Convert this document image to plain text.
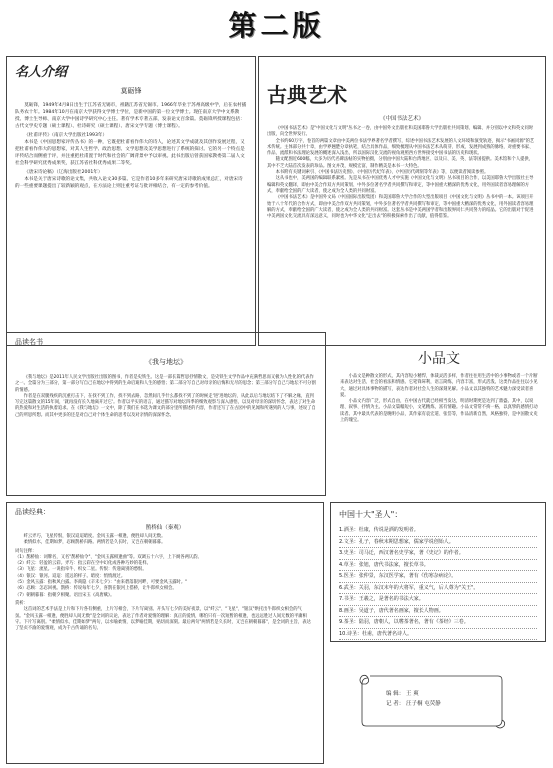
第二版
名人介绍
莫砺锋

莫砺锋，1949年4月8日出生于江苏省无锡市，祖籍江苏省无锡市。1966年毕业于苏州高级中学，后在农村插队务农十年。1984年10月在南京大学获得文学博士学位，是新中国的第一位文学博士。现任南京大学中文系教授、博士生导师、南京大学中国诗学研究中心主任。著有学术专著五部，发表论文百余篇。莫砺锋所授课程包括：古代文学史专题（硕士课程）、杜诗研究（硕士课程）、唐宋文学专题（博士课程）。

《杜甫评传》（南京大学出版社1993年）

本书是《中国思想家评传丛书》的一种，它既把杜甫看作伟大的诗人，论述其文学成就及其创作发展过程，又把杜甫看作伟大的思想家，对其人生哲学、政治思想、文学思想及美学思想进行了系统的探讨。它的另一个特点是评传结合而侧重于评，并注重把杜甫置于时代和社会的广阔背景中予以审视。此书出版后曾获国家教委第二届人文社会科学研究优秀成果奖，获江苏省社科优秀成果二等奖。

《唐宋诗论稿》（辽海出版社2001年）

本书是关于唐宋诗歌的论文集，共收入论文30多篇。它是作者10多年来研究唐宋诗歌的成果总汇，对唐宋诗的一些重要课题提出了较新颖的观点，在方法论上则注重考证与批评相结合，有一定的参考价值。

古典艺术
《中国书法艺术》

《中国书法艺术》是"中国文化与文明"丛书之一卷，由中国外文出版社和美国耶鲁大学出版社共同策划、编辑、并分别以中文和英文同时出版，向全世界发行。

全书约60万字，卷首的两篇文章由中美两位书法学界著名学者撰写，综述中国书法艺术发展的人文环境和演变轨迹，揭示"书画同源"的艺术传统。主体部分共十章，由学界翘楚分章执笔，结合具体作品，细致梳理从中国书法艺术从萌芽、形成、发展到成熟的脉络，对重要书家、作品、流派和书法理论发展的概述深入浅出，所以国际汉化交流的视角观照西方世界接受中国书法的历史和现状。

随文配图近600幅，大多为历代名碑法帖的实物拍摄，分别由中国大陆和台湾地区、以及日、美、英、法等国提供。美术馆和个人提供，其中不乏大陆首次发表的珍品。图文并茂，规模宏富，制作精美是本书一大特色。

本书附有关键词索引、《中国书法历史图》、《中国历代纪年表》、《中国历代碑刻等年表》等，以便读者阅读参照。

这从书也中，美两国的编辑联系紧密。先是从书在中国优秀人才中实施《中国文化与文明》丛书项目的合作，以美国耶鲁大学出版社主导编辑和英文翻译，即由中美合作双方共同策划、中外多位著名学者共同撰写和审定，等中国重大精深的优秀文化，用外国读者容易理解的方式，奉献给全国的广大读者，使之成为全人类的共同财富。

《中国书法艺术》是中国外文局（中国国际出版集团）和美国耶鲁大学合作的大型出版项目《中国文化与文明》丛书中的一本。该项目开始于八十年代的合作方式，即由中美合作双方共同策划，中外多位著名学者共同撰写和审定，等中国重大精深的优秀文化，用外国读者容易理解的方式，奉献给全国的广大读者，使之成为全人类的共同财富。这套丛书是中美两国学者和出版界同仁共同努力的结晶。它的出版对于促进中美两国文化交流具有深远意义，同时也为中华文化"走出去"的积极探索作出了贡献，值得借鉴。

品读名书
《我与地坛》

《我与地坛》是2011年人民文学出版社出版的图书，作者是史铁生。这是一部长篇哲思抒情散文，是史铁生文学作品中充满哲思而又极为人性化的代表作之一。全篇分为三部分，第一部分写自己在地坛中得到的生命启迪和人生的感悟；第二部分写自己对母亲的后悔和无尽的思念；第三部分写自己与地坛不可分割的情感。

作者是在双腿残疾的沉重打击下，在找不到工作，找不到去路，忽然间几乎什么都找不到了的时候走'进'进地坛的，从此以后与地坛结下了不解之缘，直到写完这篇散文的15年间，'就再没有长久地离开过它'。作者以平实的语言，通过描写对地坛四季的细致观察与深入感悟，以及对母亲的深切怀念，表达了对生命的热爱和对生活的执着追求。在《我与地坛》一文中，除了我们在书选为课文的部分里所描述的内容，作者还写了在古园中的见闻和所遇到的人与事，述说了自己的所思所想。而其中更多的还是对自己对个体生命的思考以及对亲情的深深怀念。

小品文

小品文是种散文的形式，其内容短小精悍，体裁灵活多样，作者往往用生活中的小事物或者一个片断来表达对生活、社会的看法和情感。它笔锋犀利，语言简练，内容丰富，形式活泼。这类作品往往以小见大，通过对具体事物的描写，表达作者对社会人生的深刻见解。小品文以其独特的艺术魅力深受读者喜爱。

小品文内容广泛，形式自由，在中国古代就已经相当发达，明清时期更是达到了鼎盛。其中，以说理、叙事、抒情为主。小品文篇幅短小，文笔精炼，富有情趣。小品文常常不拘一格，以真挚的感情打动读者。其中最具代表的是晚明小品，其作家有袁宏道、张岱等，作品清新自然，风格独特，是中国散文史上的瑰宝。

品读经典：
鹊桥仙（秦观）

纤云弄巧，飞星传恨，银汉迢迢暗度。金风玉露一相逢，便胜却人间无数。

柔情似水，佳期如梦，忍顾鹊桥归路。两情若是久长时，又岂在朝朝暮暮。

词句注释：
（1）鹊桥仙：词牌名，又名"鹊桥仙令"、"金风玉露相逢曲"等。双调五十六字，上下阕各两仄韵。
（2）纤云：轻盈的云彩。弄巧：指云彩在空中幻化成各种巧妙的花样。
（3）飞星：流星。一说指牵牛、织女二星。传恨：传递离别的愁恨。
（4）银汉：银河。迢迢：遥远的样子。暗度：悄悄渡过。
（5）金风玉露：指秋风白露。李商隐《辛未七夕》："由来碧落银河畔，可要金风玉露时。"
（6）忍顾：怎忍回视。鹊桥：传说每年七夕，喜鹊在银河上搭桥，让牛郎织女相会。
（7）朝朝暮暮：指朝夕相聚。语出宋玉《高唐赋》。
赏析：

这首词的艺术手法是上片和下片各有侧重，上片写相会，下片写离别。开头写七夕的美好夜景，以"纤云"、"飞星"、"银汉"烘托出牛郎织女相会的气氛。"金风玉露一相逢，便胜却人间无数"是全词的议论，表达了作者对爱情的理解：真正的爱情，哪怕只有一次短暂的相逢，也远远胜过人间无数的平庸相守。下片写离别。"柔情似水，佳期如梦"两句，以水喻柔情，以梦喻佳期，贴切而深刻。最后两句"两情若是久长时，又岂在朝朝暮暮"，是全词的主旨，表达了坚贞不渝的爱情观，成为千古传诵的名句。

中国十大"圣人"：
1.酒圣：杜康，传说是酒的发明者。
2.文圣：孔子，春秋末期思想家，儒家学说创始人。
3.史圣：司马迁，西汉著名史学家，著《史记》的作者。
4.草圣：张旭，唐代书法家，擅长草书。
5.医圣：张仲景，东汉医学家，著有《伤寒杂病论》。
6.武圣：关羽，东汉末年的大将军，重义气，后人尊为"关王"。
7.书圣：王羲之，是著名的书法大家。
8.画圣：吴道子，唐代著名画家，擅长人物画。
9.茶圣：陆羽，唐朝人，以嗜茶著名，著有《茶经》三卷。
10.诗圣：杜甫，唐代著名诗人。
编 辑： 王 爽
记 者： 汪子桐 屯荧静
